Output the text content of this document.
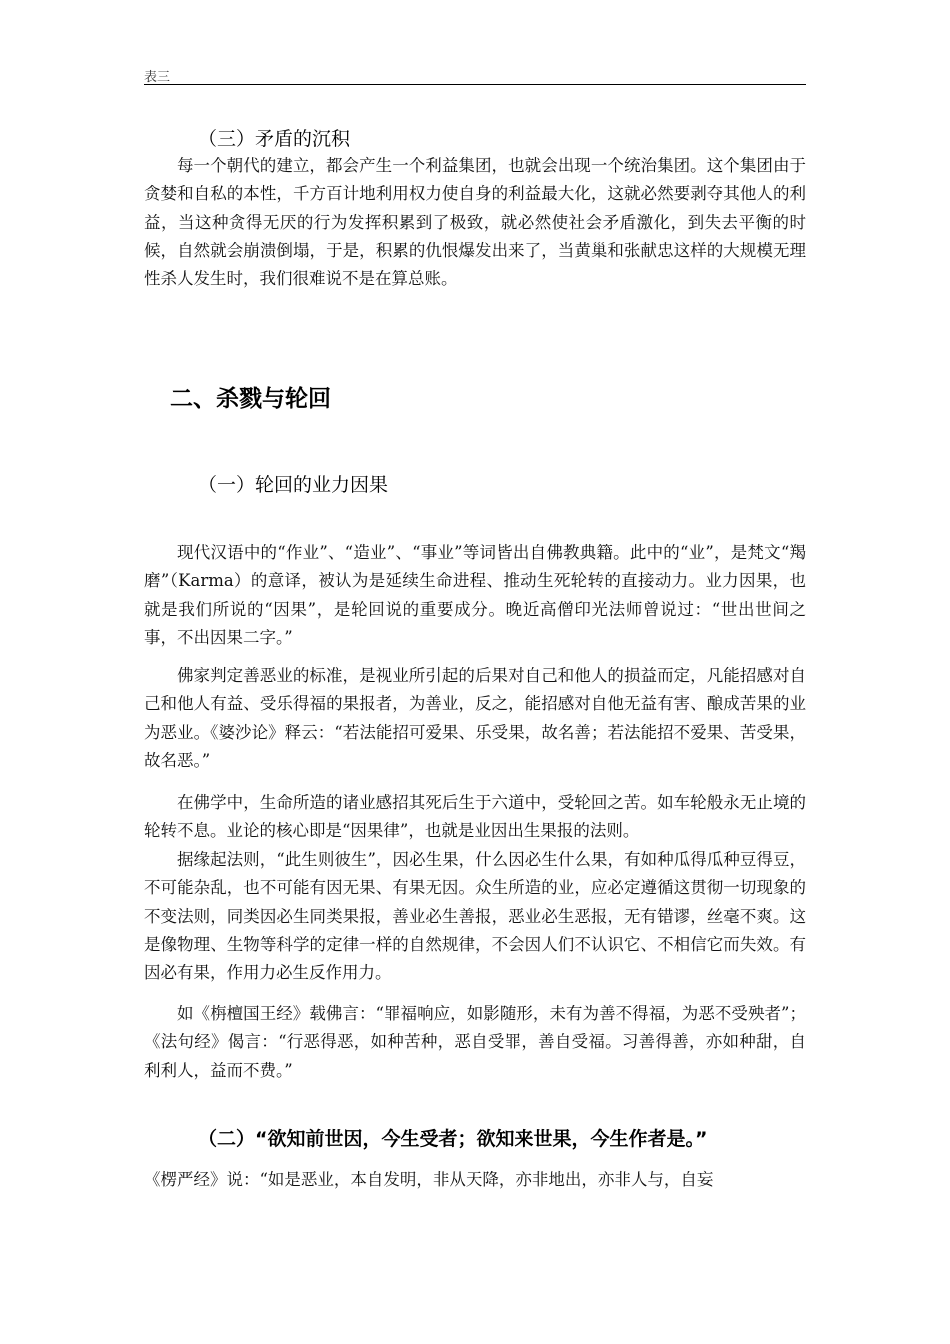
表三
（三）矛盾的沉积

每一个朝代的建立，都会产生一个利益集团，也就会出现一个统治集团。这个集团由于贪婪和自私的本性，千方百计地利用权力使自身的利益最大化，这就必然要剥夺其他人的利益，当这种贪得无厌的行为发挥积累到了极致，就必然使社会矛盾激化，到失去平衡的时候，自然就会崩溃倒塌，于是，积累的仇恨爆发出来了，当黄巢和张献忠这样的大规模无理性杀人发生时，我们很难说不是在算总账。

二、杀戮与轮回
（一）轮回的业力因果

现代汉语中的“作业”、“造业”、“事业”等词皆出自佛教典籍。此中的“业”，是梵文“羯磨”（Karma）的意译，被认为是延续生命进程、推动生死轮转的直接动力。业力因果，也就是我们所说的“因果”，是轮回说的重要成分。晚近高僧印光法师曾说过：“世出世间之事，不出因果二字。”

佛家判定善恶业的标准，是视业所引起的后果对自己和他人的损益而定，凡能招感对自己和他人有益、受乐得福的果报者，为善业，反之，能招感对自他无益有害、酿成苦果的业为恶业。《婆沙论》释云：“若法能招可爱果、乐受果，故名善；若法能招不爱果、苦受果，故名恶。”

在佛学中，生命所造的诸业感招其死后生于六道中，受轮回之苦。如车轮般永无止境的轮转不息。业论的核心即是“因果律”，也就是业因出生果报的法则。

据缘起法则，“此生则彼生”，因必生果，什么因必生什么果，有如种瓜得瓜种豆得豆，不可能杂乱，也不可能有因无果、有果无因。众生所造的业，应必定遵循这贯彻一切现象的不变法则，同类因必生同类果报，善业必生善报，恶业必生恶报，无有错谬，丝毫不爽。这是像物理、生物等科学的定律一样的自然规律，不会因人们不认识它、不相信它而失效。有因必有果，作用力必生反作用力。

如《栴檀国王经》载佛言：“罪福响应，如影随形，未有为善不得福，为恶不受殃者”；《法句经》偈言：“行恶得恶，如种苦种，恶自受罪，善自受福。习善得善，亦如种甜，自利利人，益而不费。”

（二）“欲知前世因，今生受者；欲知来世果，今生作者是。”

《楞严经》说：“如是恶业，本自发明，非从天降，亦非地出，亦非人与，自妄
